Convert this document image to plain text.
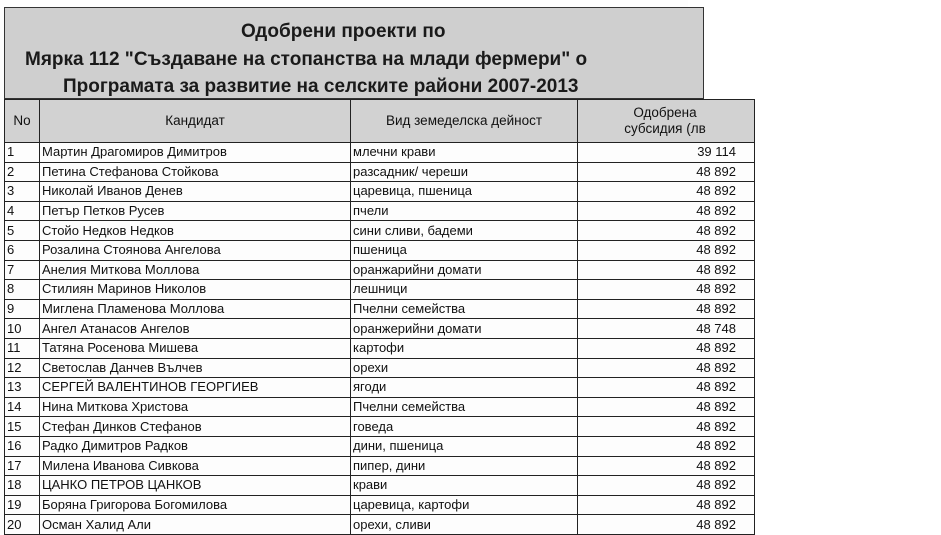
Одобрени проекти по
Мярка 112 "Създаване на стопанства на млади фермери" о
Програмата за развитие на селските райони 2007-2013
No	Кандидат	Вид земеделска дейност	Одобрена
субсидия (лв

1	Мартин Драгомиров Димитров	млечни крави	39 114
2	Петина Стефанова Стойкова	разсадник/ череши	48 892
3	Николай Иванов Денев	царевица, пшеница	48 892
4	Петър Петков Русев	пчели	48 892
5	Стойо Недков Недков	сини сливи, бадеми	48 892
6	Розалина Стоянова Ангелова	пшеница	48 892
7	Анелия Миткова Моллова	оранжарийни домати	48 892
8	Стилиян Маринов Николов	лешници	48 892
9	Миглена Пламенова Моллова	Пчелни семейства	48 892
10	Ангел Атанасов Ангелов	оранжерийни домати	48 748
11	Татяна Росенова Мишева	картофи	48 892
12	Светослав Данчев Вълчев	орехи	48 892
13	СЕРГЕЙ ВАЛЕНТИНОВ ГЕОРГИЕВ	ягоди	48 892
14	Нина Миткова Христова	Пчелни семейства	48 892
15	Стефан Динков Стефанов	говеда	48 892
16	Радко Димитров Радков	дини, пшеница	48 892
17	Милена Иванова Сивкова	пипер, дини	48 892
18	ЦАНКО ПЕТРОВ ЦАНКОВ	крави	48 892
19	Боряна Григорова Богомилова	царевица, картофи	48 892
20	Осман Халид Али	орехи, сливи	48 892
